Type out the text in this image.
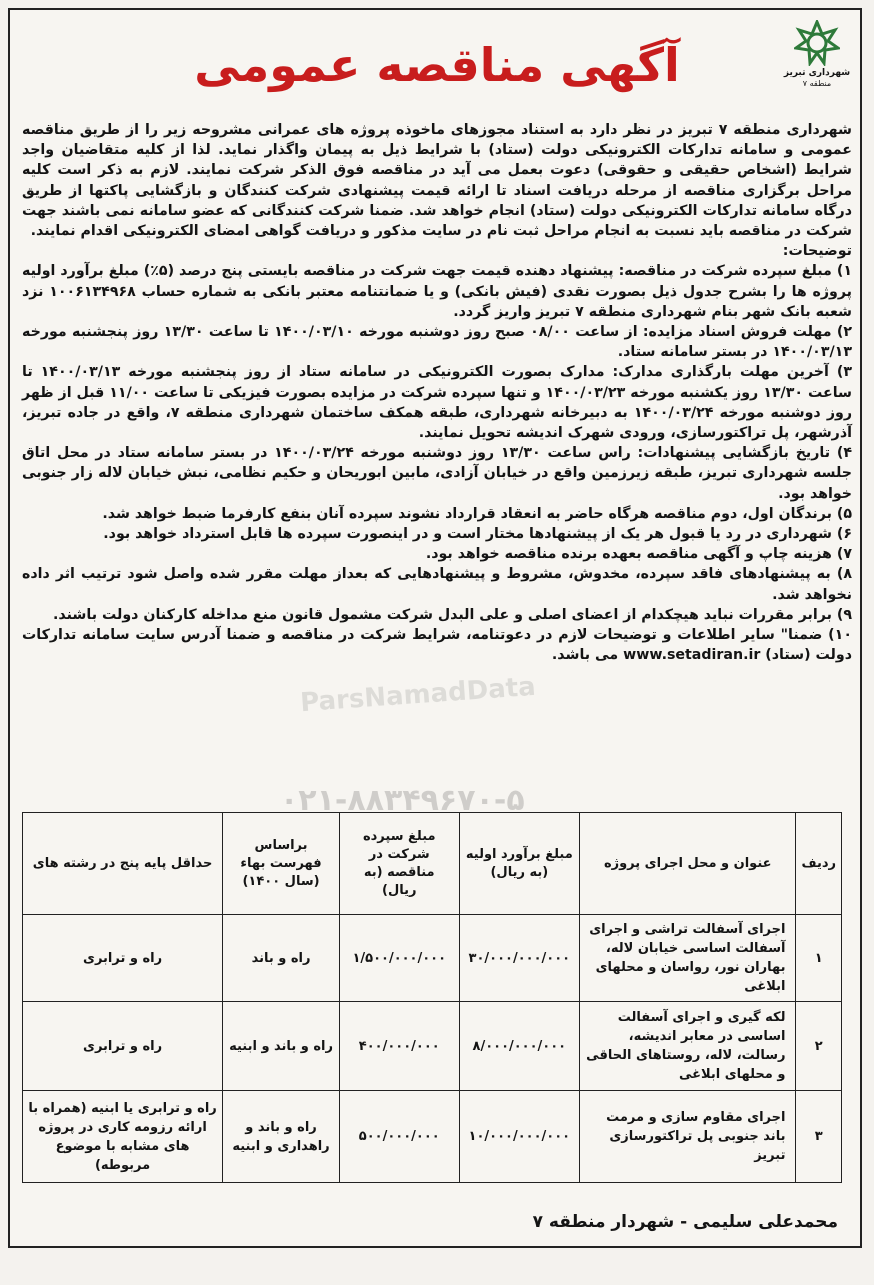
شهرداری تبریز
منطقه ۷
آگهی مناقصه عمومی

شهرداری منطقه ۷ تبریز در نظر دارد به استناد مجوزهای ماخوذه پروژه های عمرانی مشروحه زیر را از طریق مناقصه عمومی و سامانه تدارکات الکترونیکی دولت (ستاد) با شرایط ذیل به پیمان واگذار نماید. لذا از کلیه متقاضیان واجد شرایط (اشخاص حقیقی و حقوقی) دعوت بعمل می آید در مناقصه فوق الذکر شرکت نمایند. لازم به ذکر است کلیه مراحل برگزاری مناقصه از مرحله دریافت اسناد تا ارائه قیمت پیشنهادی شرکت کنندگان و بازگشایی پاکتها از طریق درگاه سامانه تدارکات الکترونیکی دولت (ستاد) انجام خواهد شد. ضمنا شرکت کنندگانی که عضو سامانه نمی باشند جهت شرکت در مناقصه باید نسبت به انجام مراحل ثبت نام در سایت مذکور و دریافت گواهی امضای الکترونیکی اقدام نمایند.

توضیحات:

۱) مبلغ سپرده شرکت در مناقصه: پیشنهاد دهنده قیمت جهت شرکت در مناقصه بایستی پنج درصد (۵٪) مبلغ برآورد اولیه پروژه ها را بشرح جدول ذیل بصورت نقدی (فیش بانکی) و یا ضمانتنامه معتبر بانکی به شماره حساب ۱۰۰۶۱۳۴۹۶۸ نزد شعبه بانک شهر بنام شهرداری منطقه ۷ تبریز واریز گردد.

۲) مهلت فروش اسناد مزایده: از ساعت ۰۸/۰۰ صبح روز دوشنبه مورخه ۱۴۰۰/۰۳/۱۰ تا ساعت ۱۳/۳۰ روز پنجشنبه مورخه ۱۴۰۰/۰۳/۱۳ در بستر سامانه ستاد.

۳) آخرین مهلت بارگذاری مدارک: مدارک بصورت الکترونیکی در سامانه ستاد از روز پنجشنبه مورخه ۱۴۰۰/۰۳/۱۳ تا ساعت ۱۳/۳۰ روز یکشنبه مورخه ۱۴۰۰/۰۳/۲۳ و تنها سپرده شرکت در مزایده بصورت فیزیکی تا ساعت ۱۱/۰۰ قبل از ظهر روز دوشنبه مورخه ۱۴۰۰/۰۳/۲۴ به دبیرخانه شهرداری، طبقه همکف ساختمان شهرداری منطقه ۷، واقع در جاده تبریز، آذرشهر، پل تراکتورسازی، ورودی شهرک اندیشه تحویل نمایند.

۴) تاریخ بازگشایی پیشنهادات: راس ساعت ۱۳/۳۰ روز دوشنبه مورخه ۱۴۰۰/۰۳/۲۴ در بستر سامانه ستاد در محل اتاق جلسه شهرداری تبریز، طبقه زیرزمین واقع در خیابان آزادی، مابین ابوریحان و حکیم نظامی، نبش خیابان لاله زار جنوبی خواهد بود.

۵) برندگان اول، دوم مناقصه هرگاه حاضر به انعقاد قرارداد نشوند سپرده آنان بنفع کارفرما ضبط خواهد شد.

۶) شهرداری در رد یا قبول هر یک از پیشنهادها مختار است و در اینصورت سپرده ها قابل استرداد خواهد بود.

۷) هزینه چاپ و آگهی مناقصه بعهده برنده مناقصه خواهد بود.

۸) به پیشنهادهای فاقد سپرده، مخدوش، مشروط و پیشنهادهایی که بعداز مهلت مقرر شده واصل شود ترتیب اثر داده نخواهد شد.

۹) برابر مقررات نباید هیچکدام از اعضای اصلی و علی البدل شرکت مشمول قانون منع مداخله کارکنان دولت باشند.

۱۰) ضمنا" سایر اطلاعات و توضیحات لازم در دعوتنامه، شرایط شرکت در مناقصه و ضمنا آدرس سایت سامانه تدارکات دولت (ستاد) www.setadiran.ir می باشد.

ParsNamadData
۰۲۱-۸۸۳۴۹۶۷۰-۵
ردیف	عنوان و محل اجرای پروژه	مبلغ برآورد اولیه (به ریال)	مبلغ سپرده شرکت در مناقصه (به ریال)	براساس فهرست بهاء (سال ۱۴۰۰)	حداقل پایه پنج در رشته های
۱	اجرای آسفالت تراشی و اجرای آسفالت اساسی خیابان لاله، بهاران نور، رواسان و محلهای ابلاغی	۳۰/۰۰۰/۰۰۰/۰۰۰	۱/۵۰۰/۰۰۰/۰۰۰	راه و باند	راه و ترابری
۲	لکه گیری و اجرای آسفالت اساسی در معابر اندیشه، رسالت، لاله، روستاهای الحاقی و محلهای ابلاغی	۸/۰۰۰/۰۰۰/۰۰۰	۴۰۰/۰۰۰/۰۰۰	راه و باند و ابنیه	راه و ترابری
۳	اجرای مقاوم سازی و مرمت باند جنوبی پل تراکتورسازی تبریز	۱۰/۰۰۰/۰۰۰/۰۰۰	۵۰۰/۰۰۰/۰۰۰	راه و باند و راهداری و ابنیه	راه و ترابری یا ابنیه (همراه با ارائه رزومه کاری در پروژه های مشابه با موضوع مربوطه)
محمدعلی سلیمی - شهردار منطقه ۷
